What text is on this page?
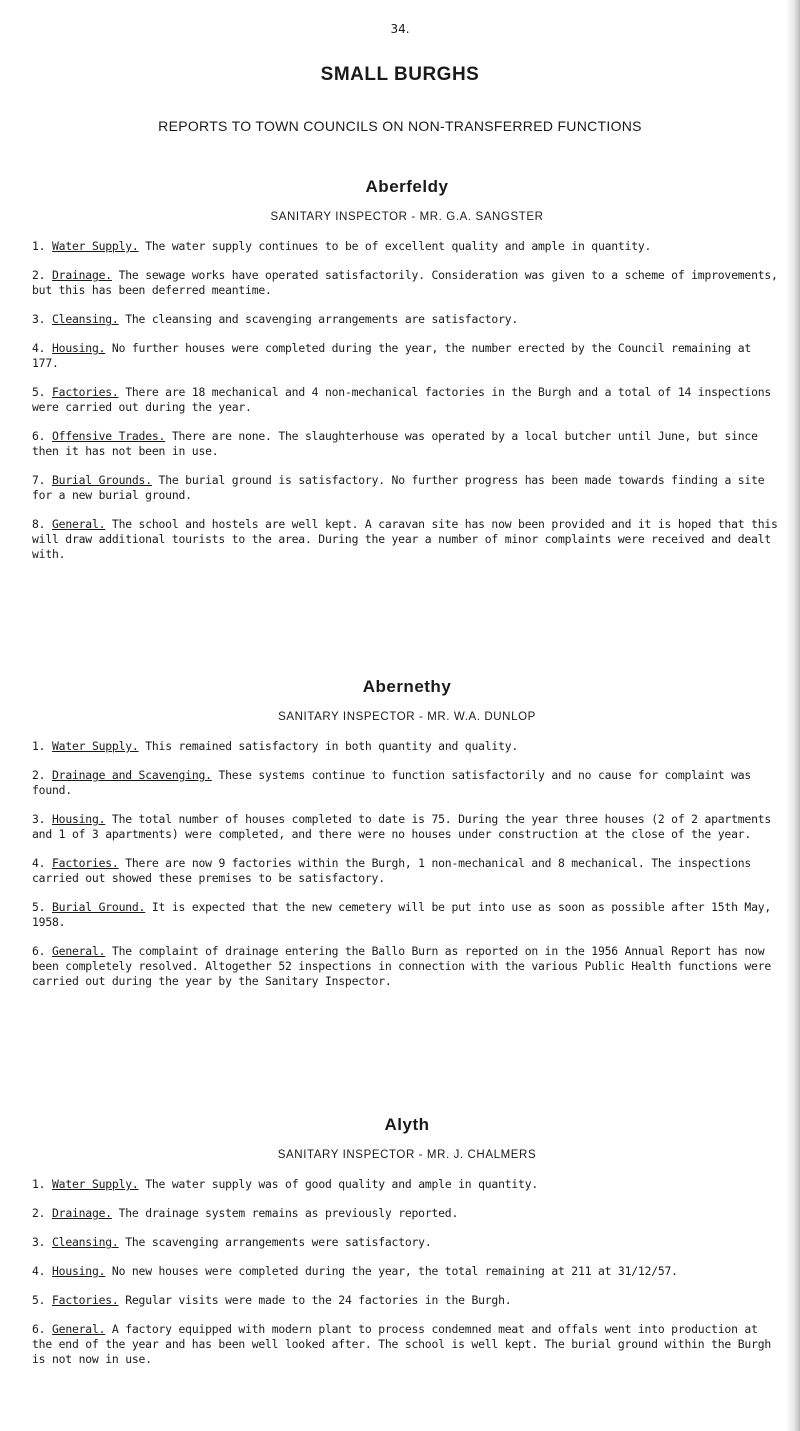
34.
SMALL BURGHS
REPORTS TO TOWN COUNCILS ON NON-TRANSFERRED FUNCTIONS
Aberfeldy
SANITARY INSPECTOR - MR. G.A. SANGSTER
1. Water Supply. The water supply continues to be of excellent quality and ample in quantity.
2. Drainage. The sewage works have operated satisfactorily. Consideration was given to a scheme of improvements, but this has been deferred meantime.
3. Cleansing. The cleansing and scavenging arrangements are satisfactory.
4. Housing. No further houses were completed during the year, the number erected by the Council remaining at 177.
5. Factories. There are 18 mechanical and 4 non-mechanical factories in the Burgh and a total of 14 inspections were carried out during the year.
6. Offensive Trades. There are none. The slaughterhouse was operated by a local butcher until June, but since then it has not been in use.
7. Burial Grounds. The burial ground is satisfactory. No further progress has been made towards finding a site for a new burial ground.
8. General. The school and hostels are well kept. A caravan site has now been provided and it is hoped that this will draw additional tourists to the area. During the year a number of minor complaints were received and dealt with.
Abernethy
SANITARY INSPECTOR - MR. W.A. DUNLOP
1. Water Supply. This remained satisfactory in both quantity and quality.
2. Drainage and Scavenging. These systems continue to function satisfactorily and no cause for complaint was found.
3. Housing. The total number of houses completed to date is 75. During the year three houses (2 of 2 apartments and 1 of 3 apartments) were completed, and there were no houses under construction at the close of the year.
4. Factories. There are now 9 factories within the Burgh, 1 non-mechanical and 8 mechanical. The inspections carried out showed these premises to be satisfactory.
5. Burial Ground. It is expected that the new cemetery will be put into use as soon as possible after 15th May, 1958.
6. General. The complaint of drainage entering the Ballo Burn as reported on in the 1956 Annual Report has now been completely resolved. Altogether 52 inspections in connection with the various Public Health functions were carried out during the year by the Sanitary Inspector.
Alyth
SANITARY INSPECTOR - MR. J. CHALMERS
1. Water Supply. The water supply was of good quality and ample in quantity.
2. Drainage. The drainage system remains as previously reported.
3. Cleansing. The scavenging arrangements were satisfactory.
4. Housing. No new houses were completed during the year, the total remaining at 211 at 31/12/57.
5. Factories. Regular visits were made to the 24 factories in the Burgh.
6. General. A factory equipped with modern plant to process condemned meat and offals went into production at the end of the year and has been well looked after. The school is well kept. The burial ground within the Burgh is not now in use.
